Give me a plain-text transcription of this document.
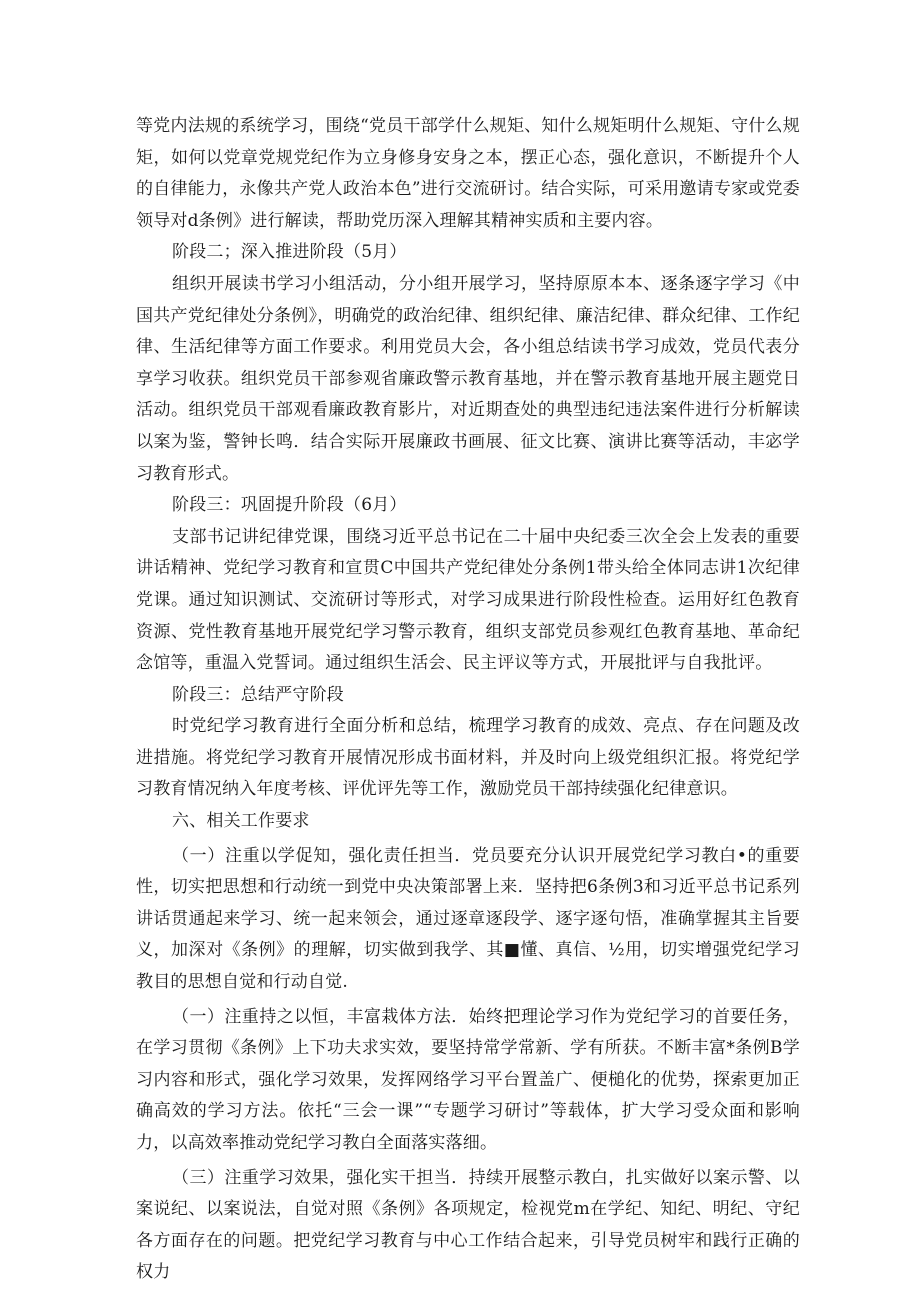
等党内法规的系统学习，围绕“党员干部学什么规矩、知什么规矩明什么规矩、守什么规矩，如何以党章党规党纪作为立身修身安身之本，摆正心态，强化意识，不断提升个人的自律能力，永像共产党人政治本色”进行交流研讨。结合实际，可采用邀请专家或党委领导对d条例》进行解读，帮助党历深入理解其精神实质和主要内容。

阶段二；深入推进阶段（5月）

组织开展读书学习小组活动，分小组开展学习，坚持原原本本、逐条逐字学习《中国共产党纪律处分条例》，明确党的政治纪律、组织纪律、廉洁纪律、群众纪律、工作纪律、生活纪律等方面工作要求。利用党员大会，各小组总结读书学习成效，党员代表分享学习收获。组织党员干部参观省廉政警示教育基地，并在警示教育基地开展主题党日活动。组织党员干部观看廉政教育影片，对近期查处的典型违纪违法案件进行分析解读以案为鉴，警钟长鸣．结合实际开展廉政书画展、征文比赛、演讲比赛等活动，丰宓学习教育形式。

阶段三：巩固提升阶段（6月）

支部书记讲纪律党课，围绕习近平总书记在二十届中央纪委三次全会上发表的重要讲话精神、党纪学习教育和宣贯C中国共产党纪律处分条例1带头给全体同志讲1次纪律党课。通过知识测试、交流研讨等形式，对学习成果进行阶段性检查。运用好红色教育资源、党性教育基地开展党纪学习警示教育，组织支部党员参观红色教育基地、革命纪念馆等，重温入党誓词。通过组织生活会、民主评议等方式，开展批评与自我批评。

阶段三：总结严守阶段

时党纪学习教育进行全面分析和总结，梳理学习教育的成效、亮点、存在问题及改进措施。将党纪学习教育开展情况形成书面材料，并及时向上级党组织汇报。将党纪学习教育情况纳入年度考核、评优评先等工作，激励党员干部持续强化纪律意识。

六、相关工作要求

（一）注重以学促知，强化责任担当．党员要充分认识开展党纪学习教白•的重要性，切实把思想和行动统一到党中央决策部署上来．坚持把6条例3和习近平总书记系列讲话贯通起来学习、统一起来领会，通过逐章逐段学、逐字逐句悟，准确掌握其主旨要义，加深对《条例》的理解，切实做到我学、其■懂、真信、½用，切实增强党纪学习教目的思想自觉和行动自觉.

（一）注重持之以恒，丰富栽体方法．始终把理论学习作为党纪学习的首要任务，在学习贯彻《条例》上下功夫求实效，要坚持常学常新、学有所获。不断丰富*条例B学习内容和形式，强化学习效果，发挥网络学习平台置盖广、便槌化的优势，探索更加正确高效的学习方法。依托“三会一课”“专题学习研讨”等载体，扩大学习受众面和影响力，以高效率推动党纪学习教白全面落实落细。

（三）注重学习效果，强化实干担当．持续开展整示教白，扎实做好以案示警、以案说纪、以案说法，自觉对照《条例》各项规定，检视党m在学纪、知纪、明纪、守纪各方面存在的问题。把党纪学习教育与中心工作结合起来，引导党员树牢和践行正确的权力
